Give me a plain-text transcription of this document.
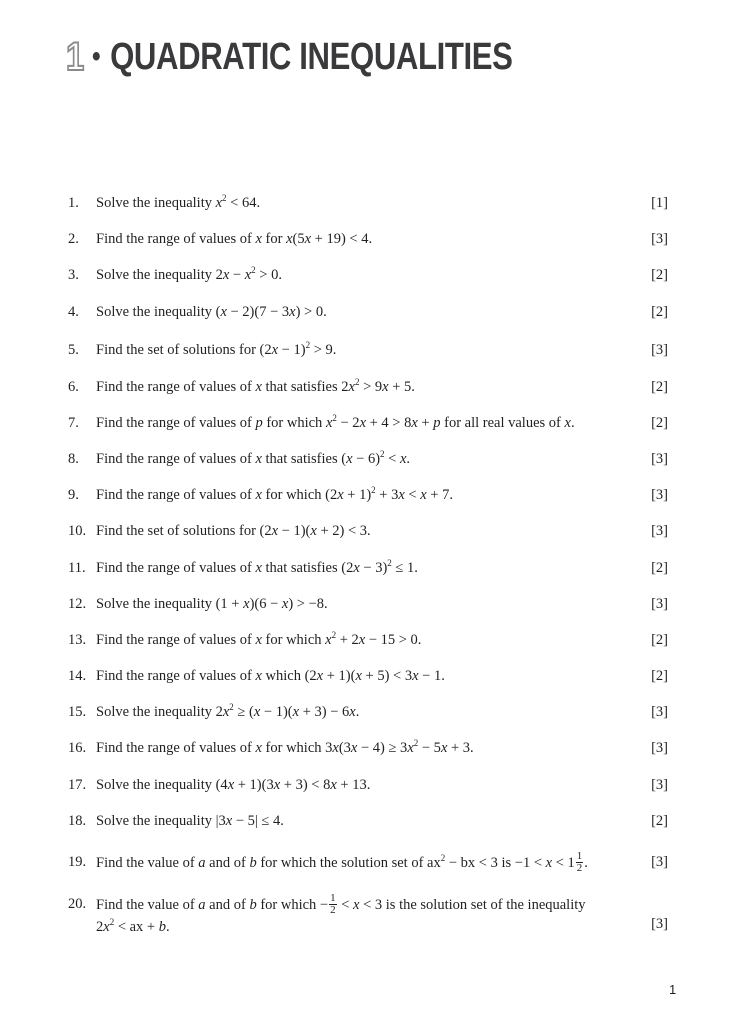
1 • QUADRATIC INEQUALITIES
1. Solve the inequality $x^2 < 64$.	[1]
2. Find the range of values of x for x(5x + 19) < 4.	[3]
3. Solve the inequality $2x - x^2 > 0$.	[2]
4. Solve the inequality (x − 2)(7 − 3x) > 0.	[2]
5. Find the set of solutions for $(2x - 1)^2 > 9$.	[3]
6. Find the range of values of x that satisfies $2x^2 > 9x + 5$.	[2]
7. Find the range of values of p for which $x^2 - 2x + 4 > 8x + p$ for all real values of x.	[2]
8. Find the range of values of x that satisfies $(x - 6)^2 < x$.	[3]
9. Find the range of values of x for which $(2x + 1)^2 + 3x < x + 7$.	[3]
10. Find the set of solutions for (2x − 1)(x + 2) < 3.	[3]
11. Find the range of values of x that satisfies $(2x - 3)^2 \le 1$.	[2]
12. Solve the inequality (1 + x)(6 − x) > −8.	[3]
13. Find the range of values of x for which $x^2 + 2x - 15 > 0$.	[2]
14. Find the range of values of x which (2x + 1)(x + 5) < 3x − 1.	[2]
15. Solve the inequality $2x^2 \ge (x - 1)(x + 3) - 6x$.	[3]
16. Find the range of values of x for which $3x(3x - 4) \ge 3x^2 - 5x + 3$.	[3]
17. Solve the inequality (4x + 1)(3x + 3) < 8x + 13.	[3]
18. Solve the inequality |3x − 5| ≤ 4.	[2]
19. Find the value of a and of b for which the solution set of $ax^2$ − bx < 3 is $-1 < x < 1 \frac{1}{2}$ .	[3]
20. Find the value of a and of b for which − $\frac{1}{2} < x < 3$ is the solution set of the inequality
$2x^2$ < ax + b.	[3]
1
